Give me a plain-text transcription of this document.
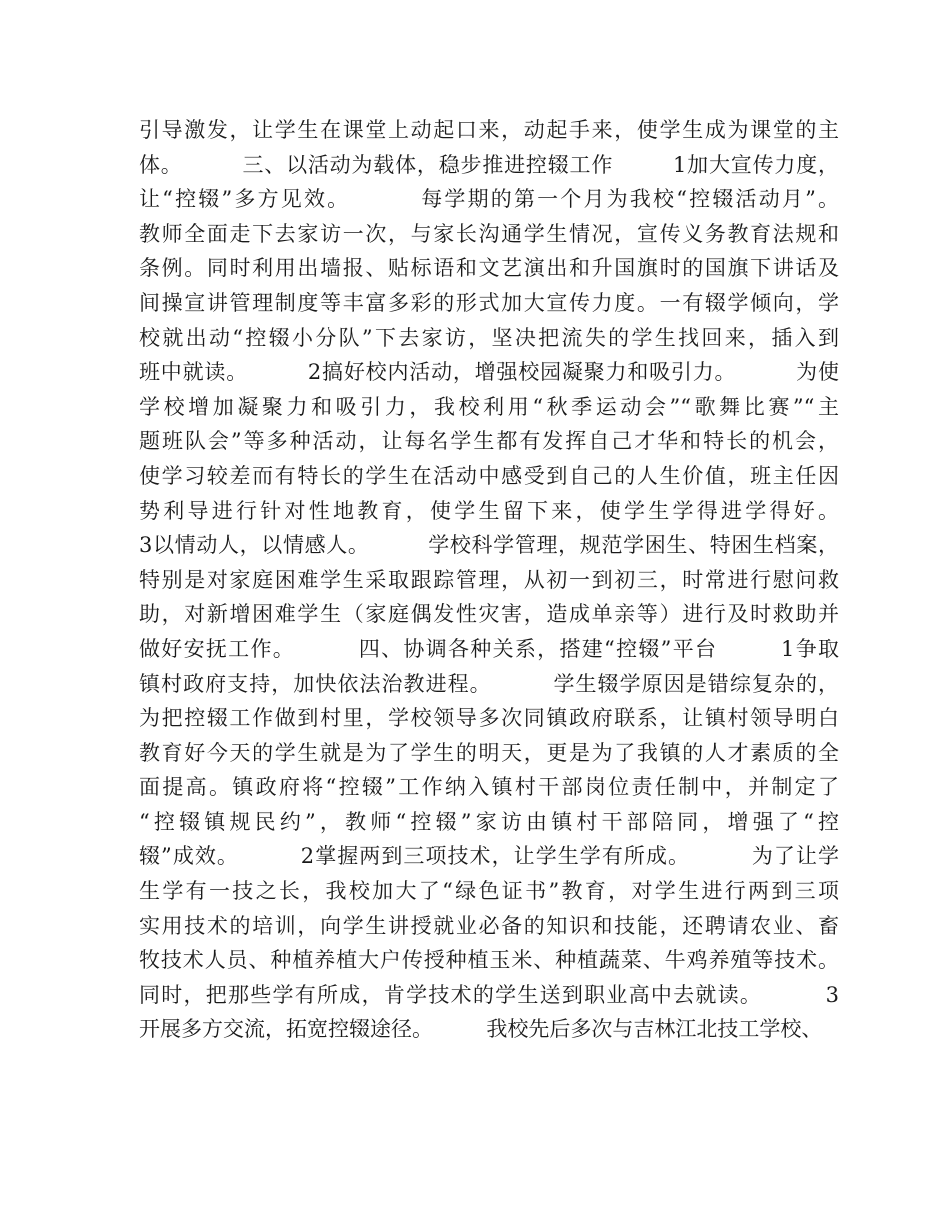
引导激发，让学生在课堂上动起口来，动起手来，使学生成为课堂的主
体。        三、以活动为载体，稳步推进控辍工作        1加大宣传力度，
让“控辍”多方见效。        每学期的第一个月为我校“控辍活动月”。
教师全面走下去家访一次，与家长沟通学生情况，宣传义务教育法规和
条例。同时利用出墙报、贴标语和文艺演出和升国旗时的国旗下讲话及
间操宣讲管理制度等丰富多彩的形式加大宣传力度。一有辍学倾向，学
校就出动“控辍小分队”下去家访，坚决把流失的学生找回来，插入到
班中就读。        2搞好校内活动，增强校园凝聚力和吸引力。        为使
学校增加凝聚力和吸引力，我校利用“秋季运动会”“歌舞比赛”“主
题班队会”等多种活动，让每名学生都有发挥自己才华和特长的机会，
使学习较差而有特长的学生在活动中感受到自己的人生价值，班主任因
势利导进行针对性地教育，使学生留下来，使学生学得进学得好。
3以情动人，以情感人。        学校科学管理，规范学困生、特困生档案，
特别是对家庭困难学生采取跟踪管理，从初一到初三，时常进行慰问救
助，对新增困难学生（家庭偶发性灾害，造成单亲等）进行及时救助并
做好安抚工作。        四、协调各种关系，搭建“控辍”平台        1争取
镇村政府支持，加快依法治教进程。        学生辍学原因是错综复杂的，
为把控辍工作做到村里，学校领导多次同镇政府联系，让镇村领导明白
教育好今天的学生就是为了学生的明天，更是为了我镇的人才素质的全
面提高。镇政府将“控辍”工作纳入镇村干部岗位责任制中，并制定了
“控辍镇规民约”，教师“控辍”家访由镇村干部陪同，增强了“控
辍”成效。        2掌握两到三项技术，让学生学有所成。        为了让学
生学有一技之长，我校加大了“绿色证书”教育，对学生进行两到三项
实用技术的培训，向学生讲授就业必备的知识和技能，还聘请农业、畜
牧技术人员、种植养植大户传授种植玉米、种植蔬菜、牛鸡养殖等技术。
同时，把那些学有所成，肯学技术的学生送到职业高中去就读。        3
开展多方交流，拓宽控辍途径。        我校先后多次与吉林江北技工学校、
